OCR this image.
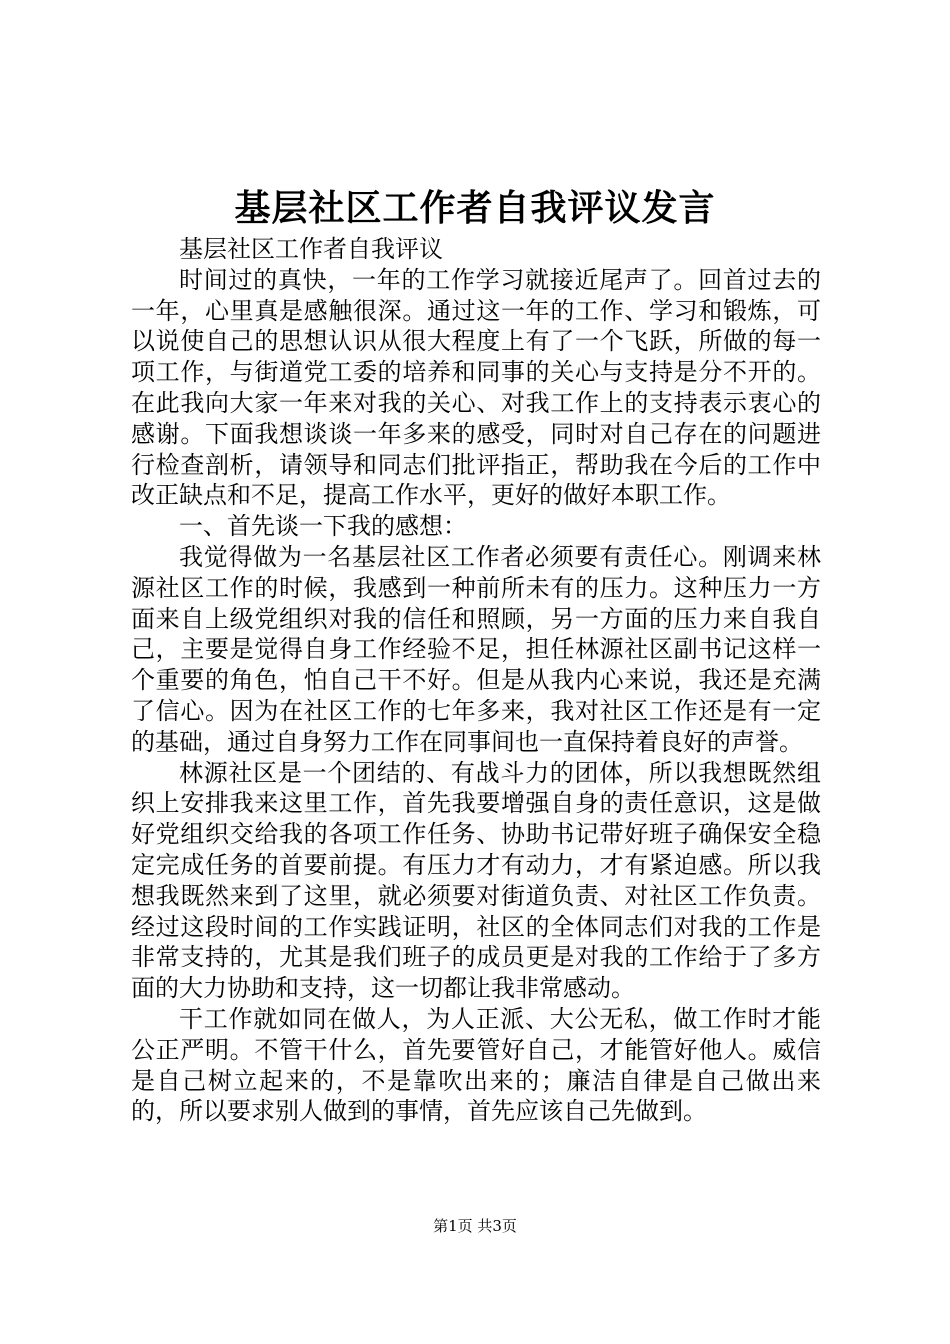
基层社区工作者自我评议发言

基层社区工作者自我评议

时间过的真快，一年的工作学习就接近尾声了。回首过去的一年，心里真是感触很深。通过这一年的工作、学习和锻炼，可以说使自己的思想认识从很大程度上有了一个飞跃，所做的每一项工作，与街道党工委的培养和同事的关心与支持是分不开的。在此我向大家一年来对我的关心、对我工作上的支持表示衷心的感谢。下面我想谈谈一年多来的感受，同时对自己存在的问题进行检查剖析，请领导和同志们批评指正，帮助我在今后的工作中改正缺点和不足，提高工作水平，更好的做好本职工作。

一、首先谈一下我的感想：

我觉得做为一名基层社区工作者必须要有责任心。刚调来林源社区工作的时候，我感到一种前所未有的压力。这种压力一方面来自上级党组织对我的信任和照顾，另一方面的压力来自我自己，主要是觉得自身工作经验不足，担任林源社区副书记这样一个重要的角色，怕自己干不好。但是从我内心来说，我还是充满了信心。因为在社区工作的七年多来，我对社区工作还是有一定的基础，通过自身努力工作在同事间也一直保持着良好的声誉。

林源社区是一个团结的、有战斗力的团体，所以我想既然组织上安排我来这里工作，首先我要增强自身的责任意识，这是做好党组织交给我的各项工作任务、协助书记带好班子确保安全稳定完成任务的首要前提。有压力才有动力，才有紧迫感。所以我想我既然来到了这里，就必须要对街道负责、对社区工作负责。经过这段时间的工作实践证明，社区的全体同志们对我的工作是非常支持的，尤其是我们班子的成员更是对我的工作给于了多方面的大力协助和支持，这一切都让我非常感动。

干工作就如同在做人，为人正派、大公无私，做工作时才能公正严明。不管干什么，首先要管好自己，才能管好他人。威信是自己树立起来的，不是靠吹出来的；廉洁自律是自己做出来的，所以要求别人做到的事情，首先应该自己先做到。

第1页 共3页
